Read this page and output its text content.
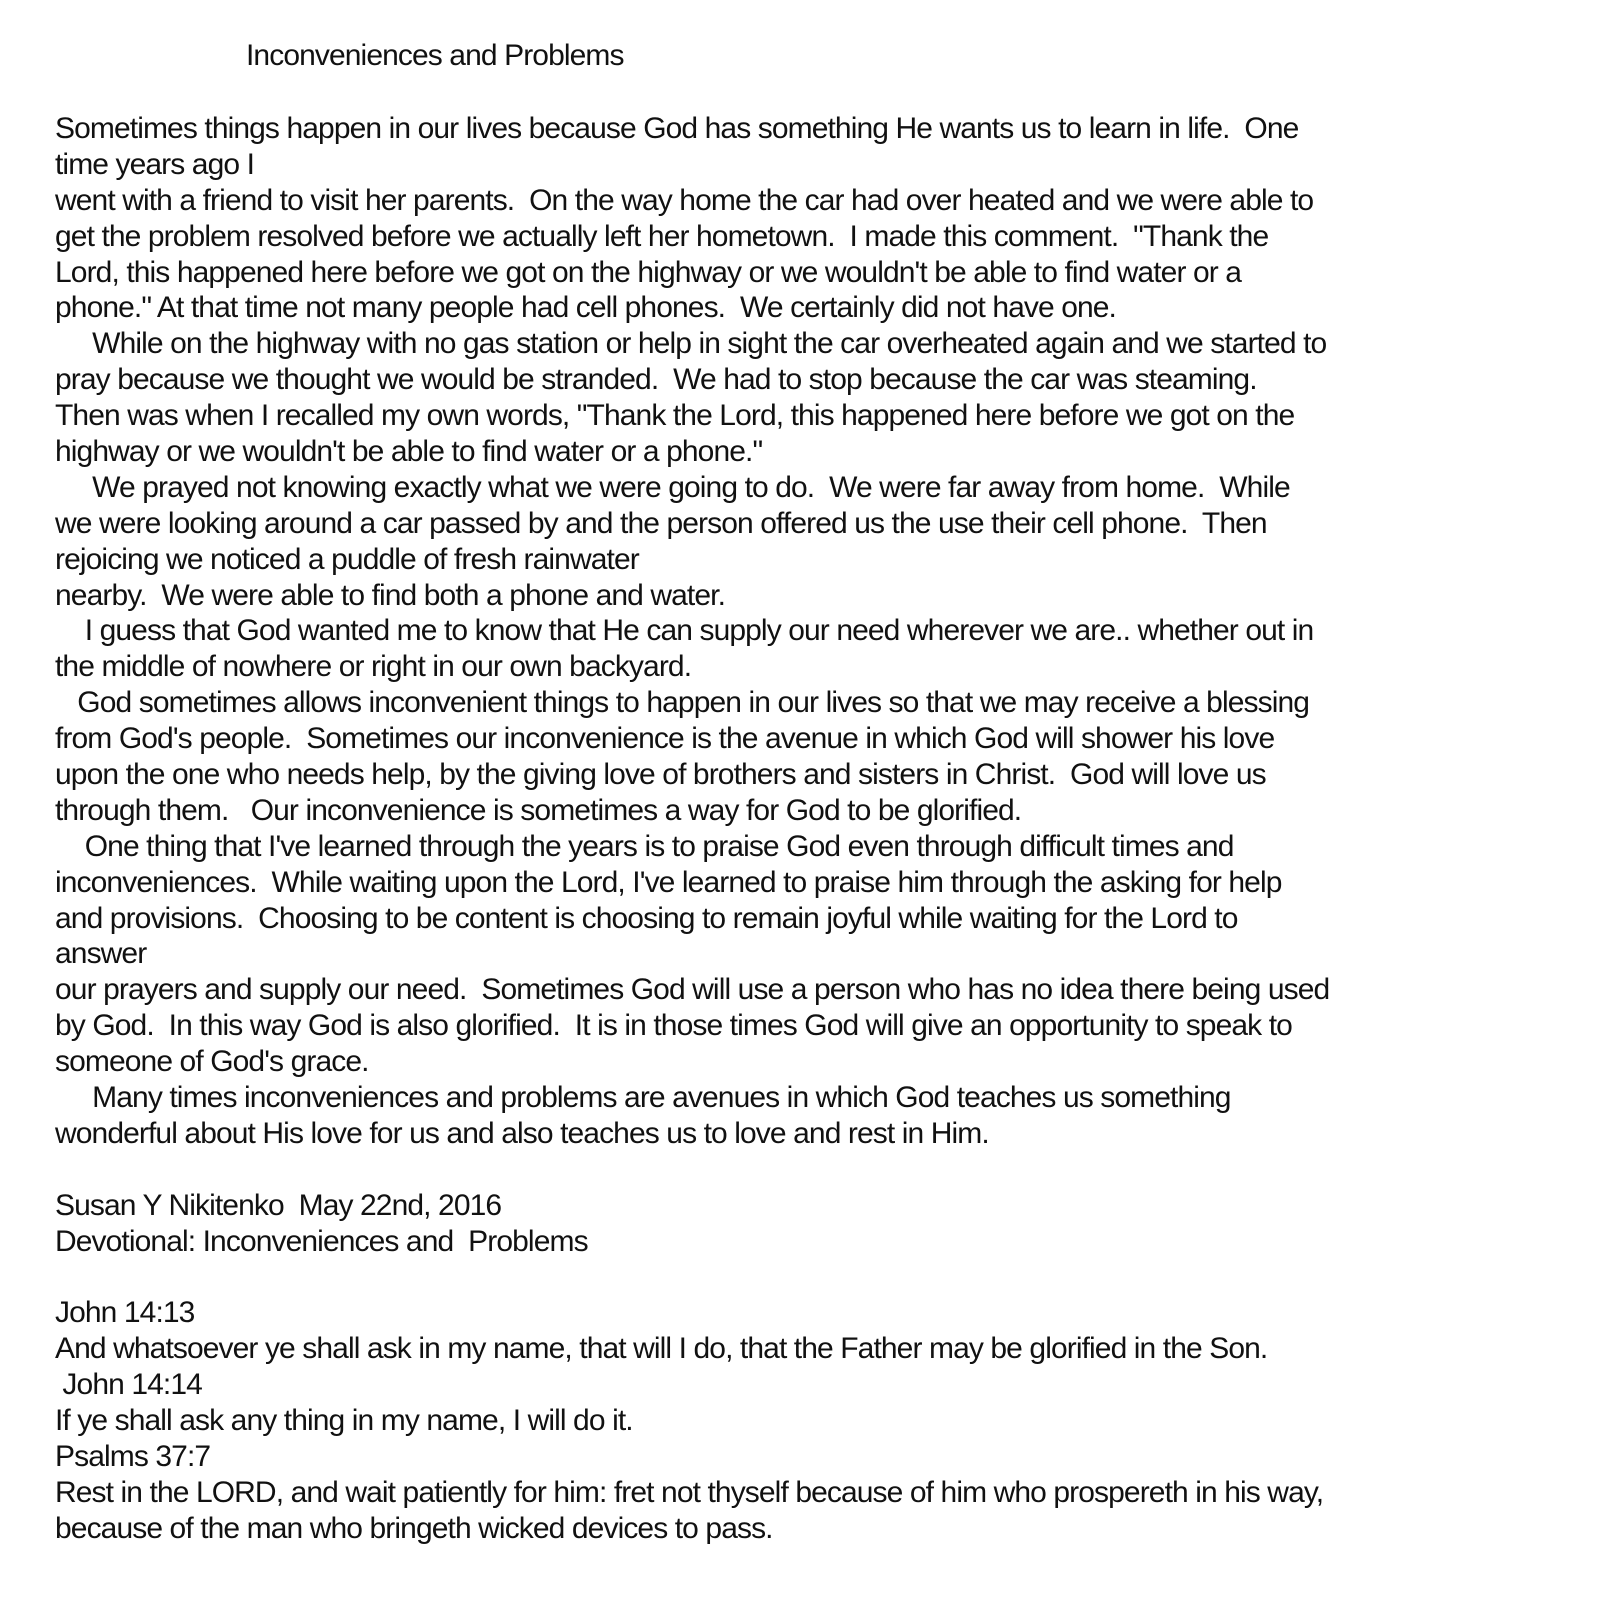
Inconveniences and Problems
Sometimes things happen in our lives because God has something He wants us to learn in life.  One
time years ago I
went with a friend to visit her parents.  On the way home the car had over heated and we were able to
get the problem resolved before we actually left her hometown.  I made this comment.  "Thank the
Lord, this happened here before we got on the highway or we wouldn't be able to find water or a
phone." At that time not many people had cell phones.  We certainly did not have one.
While on the highway with no gas station or help in sight the car overheated again and we started to
pray because we thought we would be stranded.  We had to stop because the car was steaming.
Then was when I recalled my own words, "Thank the Lord, this happened here before we got on the
highway or we wouldn't be able to find water or a phone."
We prayed not knowing exactly what we were going to do.  We were far away from home.  While
we were looking around a car passed by and the person offered us the use their cell phone.  Then
rejoicing we noticed a puddle of fresh rainwater
nearby.  We were able to find both a phone and water.
I guess that God wanted me to know that He can supply our need wherever we are.. whether out in
the middle of nowhere or right in our own backyard.
God sometimes allows inconvenient things to happen in our lives so that we may receive a blessing
from God's people.  Sometimes our inconvenience is the avenue in which God will shower his love
upon the one who needs help, by the giving love of brothers and sisters in Christ.  God will love us
through them.   Our inconvenience is sometimes a way for God to be glorified.
One thing that I've learned through the years is to praise God even through difficult times and
inconveniences.  While waiting upon the Lord, I've learned to praise him through the asking for help
and provisions.  Choosing to be content is choosing to remain joyful while waiting for the Lord to
answer
our prayers and supply our need.  Sometimes God will use a person who has no idea there being used
by God.  In this way God is also glorified.  It is in those times God will give an opportunity to speak to
someone of God's grace.
Many times inconveniences and problems are avenues in which God teaches us something
wonderful about His love for us and also teaches us to love and rest in Him.
Susan Y Nikitenko  May 22nd, 2016
Devotional: Inconveniences and  Problems
John 14:13
And whatsoever ye shall ask in my name, that will I do, that the Father may be glorified in the Son.
John 14:14
If ye shall ask any thing in my name, I will do it.
Psalms 37:7
Rest in the LORD, and wait patiently for him: fret not thyself because of him who prospereth in his way,
because of the man who bringeth wicked devices to pass.
